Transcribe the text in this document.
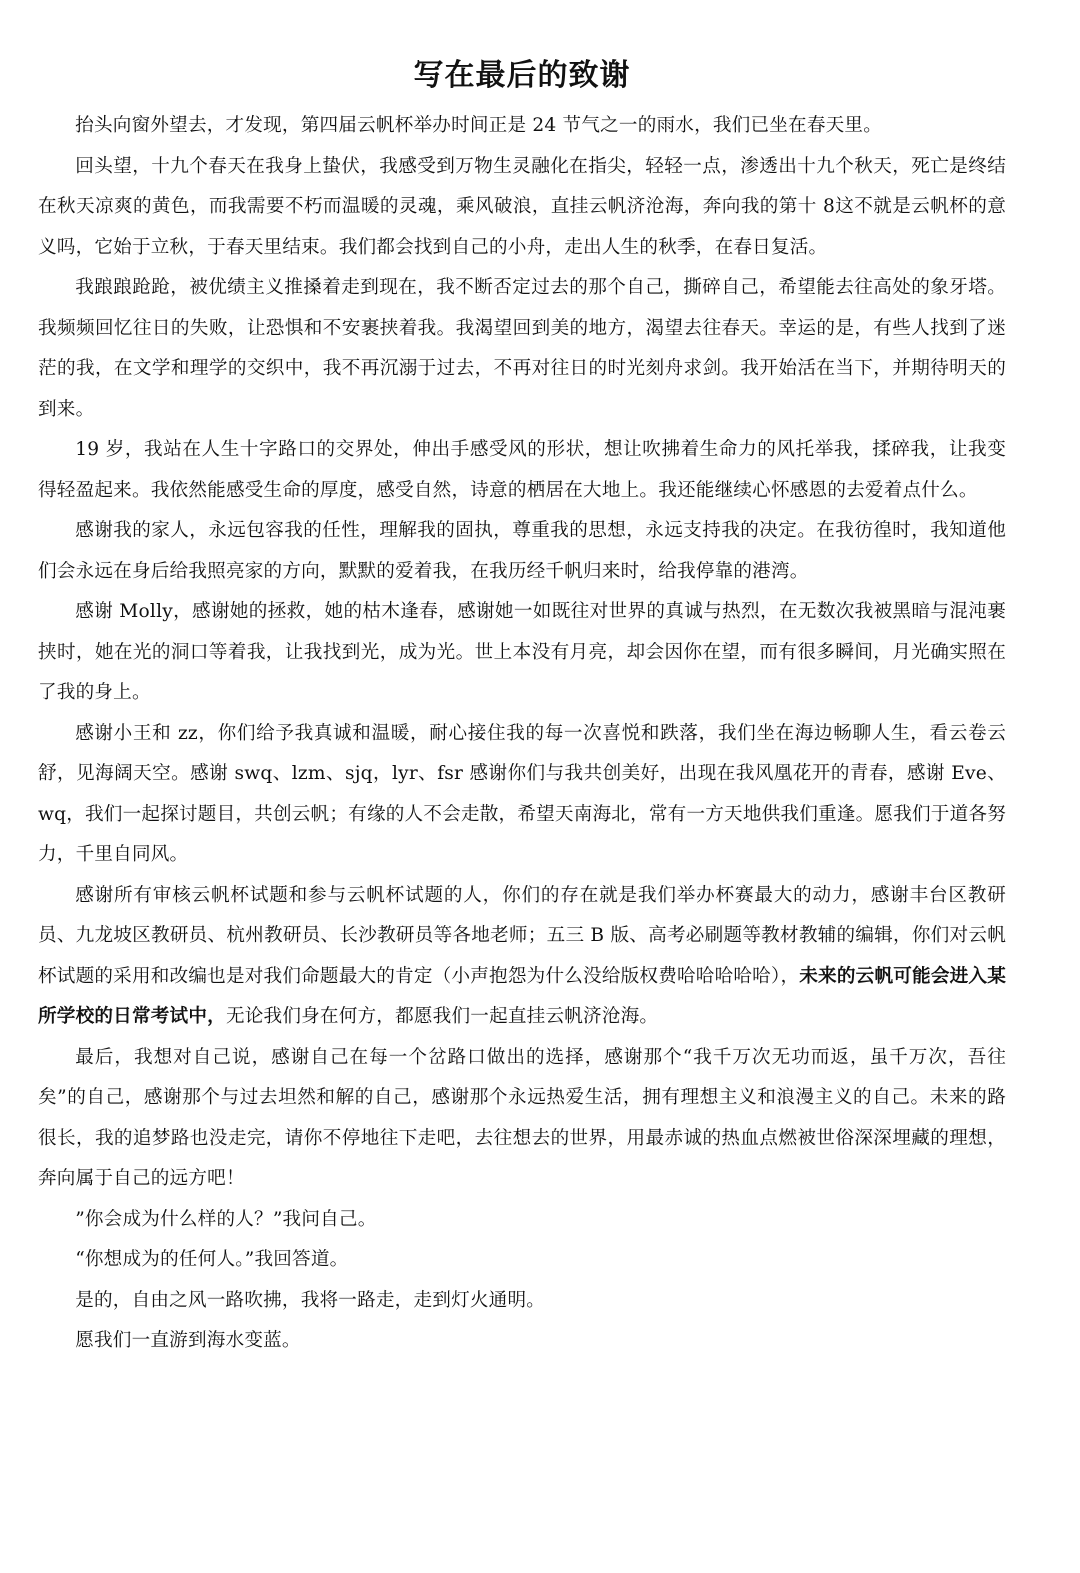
写在最后的致谢

抬头向窗外望去，才发现，第四届云帆杯举办时间正是 24 节气之一的雨水，我们已坐在春天里。

回头望，十九个春天在我身上蛰伏，我感受到万物生灵融化在指尖，轻轻一点，渗透出十九个秋天，死亡是终结在秋天凉爽的黄色，而我需要不朽而温暖的灵魂，乘风破浪，直挂云帆济沧海，奔向我的第十 8这不就是云帆杯的意义吗，它始于立秋，于春天里结束。我们都会找到自己的小舟，走出人生的秋季，在春日复活。

我踉踉跄跄，被优绩主义推搡着走到现在，我不断否定过去的那个自己，撕碎自己，希望能去往高处的象牙塔。我频频回忆往日的失败，让恐惧和不安裹挟着我。我渴望回到美的地方，渴望去往春天。幸运的是，有些人找到了迷茫的我，在文学和理学的交织中，我不再沉溺于过去，不再对往日的时光刻舟求剑。我开始活在当下，并期待明天的到来。

19 岁，我站在人生十字路口的交界处，伸出手感受风的形状，想让吹拂着生命力的风托举我，揉碎我，让我变得轻盈起来。我依然能感受生命的厚度，感受自然，诗意的栖居在大地上。我还能继续心怀感恩的去爱着点什么。

感谢我的家人，永远包容我的任性，理解我的固执，尊重我的思想，永远支持我的决定。在我彷徨时，我知道他们会永远在身后给我照亮家的方向，默默的爱着我，在我历经千帆归来时，给我停靠的港湾。

感谢 Molly，感谢她的拯救，她的枯木逢春，感谢她一如既往对世界的真诚与热烈，在无数次我被黑暗与混沌裹挟时，她在光的洞口等着我，让我找到光，成为光。世上本没有月亮，却会因你在望，而有很多瞬间，月光确实照在了我的身上。

感谢小王和 zz，你们给予我真诚和温暖，耐心接住我的每一次喜悦和跌落，我们坐在海边畅聊人生，看云卷云舒，见海阔天空。感谢 swq、lzm、sjq，lyr、fsr 感谢你们与我共创美好，出现在我风凰花开的青春，感谢 Eve、wq，我们一起探讨题目，共创云帆；有缘的人不会走散，希望天南海北，常有一方天地供我们重逢。愿我们于道各努力，千里自同风。

感谢所有审核云帆杯试题和参与云帆杯试题的人，你们的存在就是我们举办杯赛最大的动力，感谢丰台区教研员、九龙坡区教研员、杭州教研员、长沙教研员等各地老师；五三 B 版、高考必刷题等教材教辅的编辑，你们对云帆杯试题的采用和改编也是对我们命题最大的肯定（小声抱怨为什么没给版权费哈哈哈哈哈），未来的云帆可能会进入某所学校的日常考试中，无论我们身在何方，都愿我们一起直挂云帆济沧海。

最后，我想对自己说，感谢自己在每一个岔路口做出的选择，感谢那个“我千万次无功而返，虽千万次，吾往矣”的自己，感谢那个与过去坦然和解的自己，感谢那个永远热爱生活，拥有理想主义和浪漫主义的自己。未来的路很长，我的追梦路也没走完，请你不停地往下走吧，去往想去的世界，用最赤诚的热血点燃被世俗深深埋藏的理想，奔向属于自己的远方吧！

”你会成为什么样的人？”我问自己。

“你想成为的任何人。”我回答道。

是的，自由之风一路吹拂，我将一路走，走到灯火通明。

愿我们一直游到海水变蓝。
